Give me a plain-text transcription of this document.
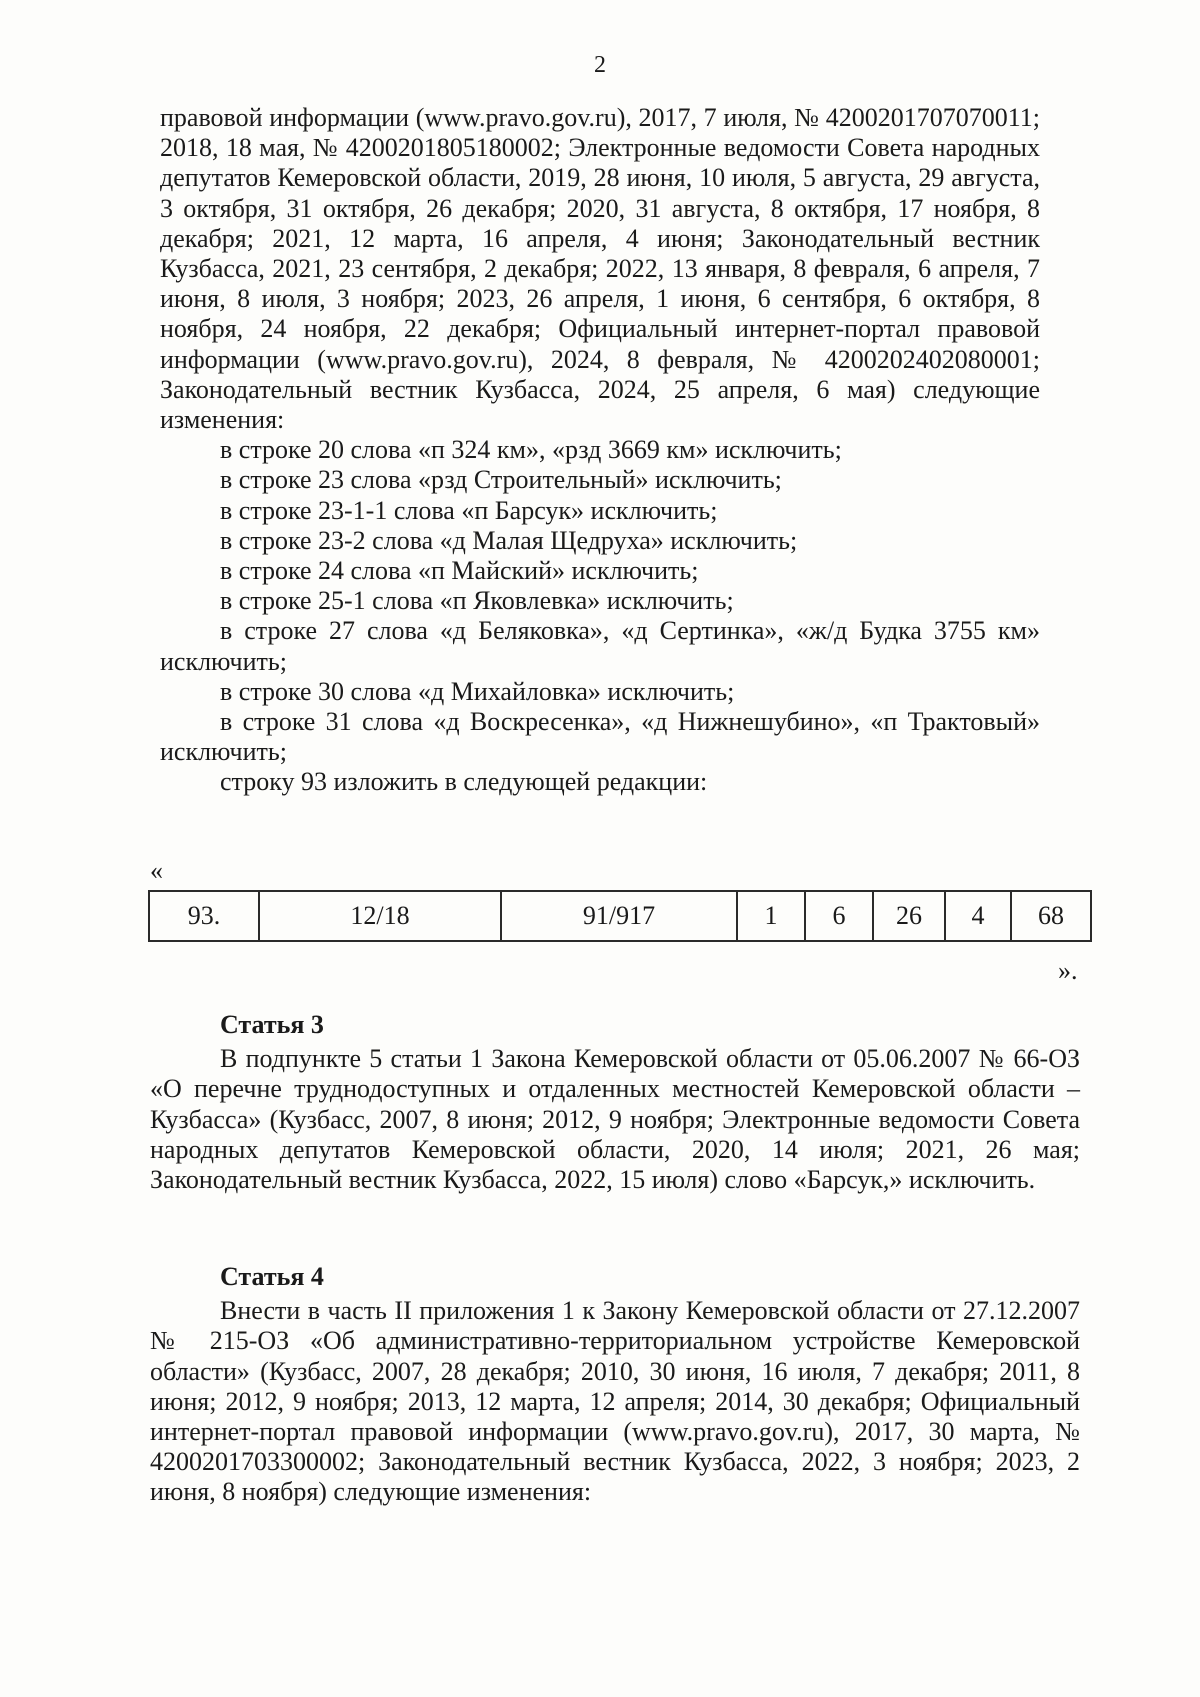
2

правовой информации (www.pravo.gov.ru), 2017, 7 июля, № 4200201707070011; 2018, 18 мая, № 4200201805180002; Электронные ведомости Совета народных депутатов Кемеровской области, 2019, 28 июня, 10 июля, 5 августа, 29 августа, 3 октября, 31 октября, 26 декабря; 2020, 31 августа, 8 октября, 17 ноября, 8 декабря; 2021, 12 марта, 16 апреля, 4 июня; Законодательный вестник Кузбасса, 2021, 23 сентября, 2 декабря; 2022, 13 января, 8 февраля, 6 апреля, 7 июня, 8 июля, 3 ноября; 2023, 26 апреля, 1 июня, 6 сентября, 6 октября, 8 ноября, 24 ноября, 22 декабря; Официальный интернет-портал правовой информации (www.pravo.gov.ru), 2024, 8 февраля, № 4200202402080001; Законодательный вестник Кузбасса, 2024, 25 апреля, 6 мая) следующие изменения:

в строке 20 слова «п 324 км», «рзд 3669 км» исключить;
в строке 23 слова «рзд Строительный» исключить;
в строке 23-1-1 слова «п Барсук» исключить;
в строке 23-2 слова «д Малая Щедруха» исключить;
в строке 24 слова «п Майский» исключить;
в строке 25-1 слова «п Яковлевка» исключить;
в строке 27 слова «д Беляковка», «д Сертинка», «ж/д Будка 3755 км» исключить;
в строке 30 слова «д Михайловка» исключить;
в строке 31 слова «д Воскресенка», «д Нижнешубино», «п Трактовый» исключить;
строку 93 изложить в следующей редакции:
«
93.	12/18	91/917	1	6	26	4	68
».

Статья 3

В подпункте 5 статьи 1 Закона Кемеровской области от 05.06.2007 № 66-ОЗ «О перечне труднодоступных и отдаленных местностей Кемеровской области – Кузбасса» (Кузбасс, 2007, 8 июня; 2012, 9 ноября; Электронные ведомости Совета народных депутатов Кемеровской области, 2020, 14 июля; 2021, 26 мая; Законодательный вестник Кузбасса, 2022, 15 июля) слово «Барсук,» исключить.

Статья 4

Внести в часть II приложения 1 к Закону Кемеровской области от 27.12.2007 № 215-ОЗ «Об административно-территориальном устройстве Кемеровской области» (Кузбасс, 2007, 28 декабря; 2010, 30 июня, 16 июля, 7 декабря; 2011, 8 июня; 2012, 9 ноября; 2013, 12 марта, 12 апреля; 2014, 30 декабря; Официальный интернет-портал правовой информации (www.pravo.gov.ru), 2017, 30 марта, № 4200201703300002; Законодательный вестник Кузбасса, 2022, 3 ноября; 2023, 2 июня, 8 ноября) следующие изменения:
